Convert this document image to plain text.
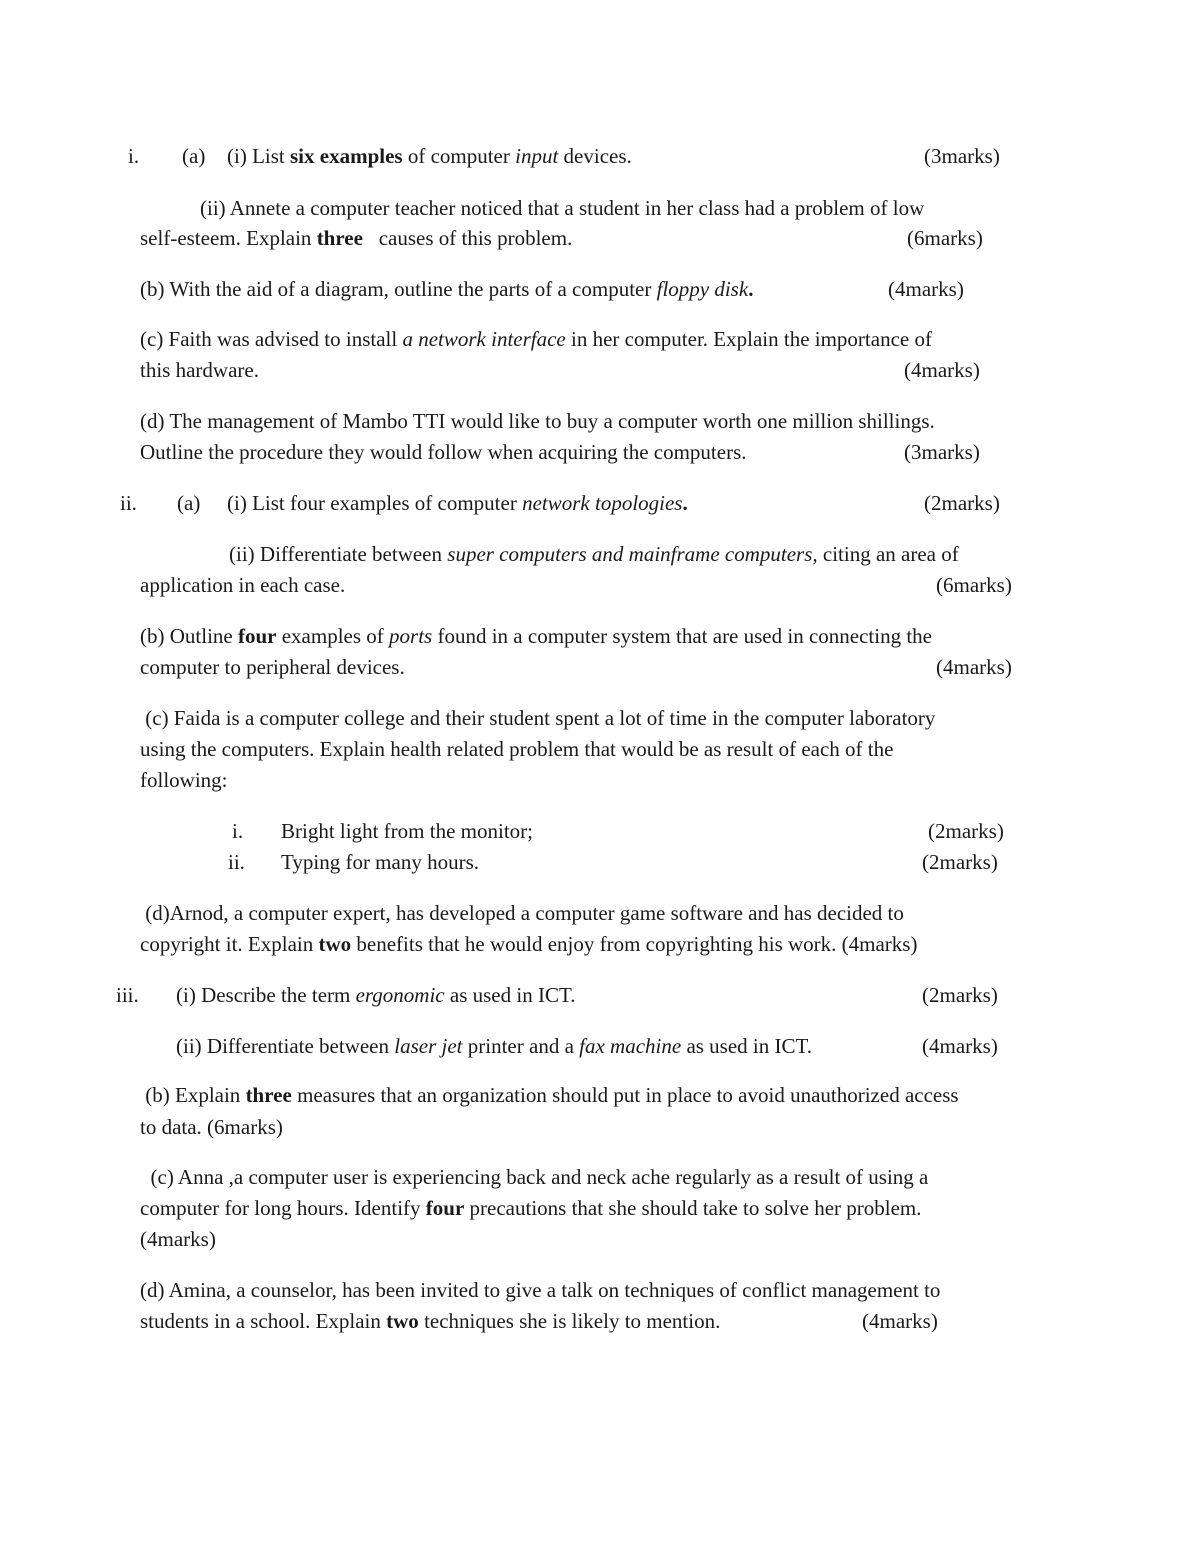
i. (a) (i) List six examples of computer input devices.	(3marks)
(ii) Annete a computer teacher noticed that a student in her class had a problem of low
self-esteem. Explain three   causes of this problem.	(6marks)
(b) With the aid of a diagram, outline the parts of a computer floppy disk.	(4marks)
(c) Faith was advised to install a network interface in her computer. Explain the importance of
this hardware.	(4marks)
(d) The management of Mambo TTI would like to buy a computer worth one million shillings.
Outline the procedure they would follow when acquiring the computers.	(3marks)
ii. (a) (i) List four examples of computer network topologies.	(2marks)
(ii) Differentiate between super computers and mainframe computers, citing an area of
application in each case.	(6marks)
(b) Outline four examples of ports found in a computer system that are used in connecting the
computer to peripheral devices.	(4marks)
(c) Faida is a computer college and their student spent a lot of time in the computer laboratory
using the computers. Explain health related problem that would be as result of each of the
following:
i. Bright light from the monitor;	(2marks)
ii. Typing for many hours.	(2marks)
(d)Arnod, a computer expert, has developed a computer game software and has decided to
copyright it. Explain two benefits that he would enjoy from copyrighting his work. (4marks)
iii. (i) Describe the term ergonomic as used in ICT.	(2marks)
(ii) Differentiate between laser jet printer and a fax machine as used in ICT.	(4marks)
(b) Explain three measures that an organization should put in place to avoid unauthorized access
to data. (6marks)
(c) Anna ,a computer user is experiencing back and neck ache regularly as a result of using a
computer for long hours. Identify four precautions that she should take to solve her problem.
(4marks)
(d) Amina, a counselor, has been invited to give a talk on techniques of conflict management to
students in a school. Explain two techniques she is likely to mention.	(4marks)
